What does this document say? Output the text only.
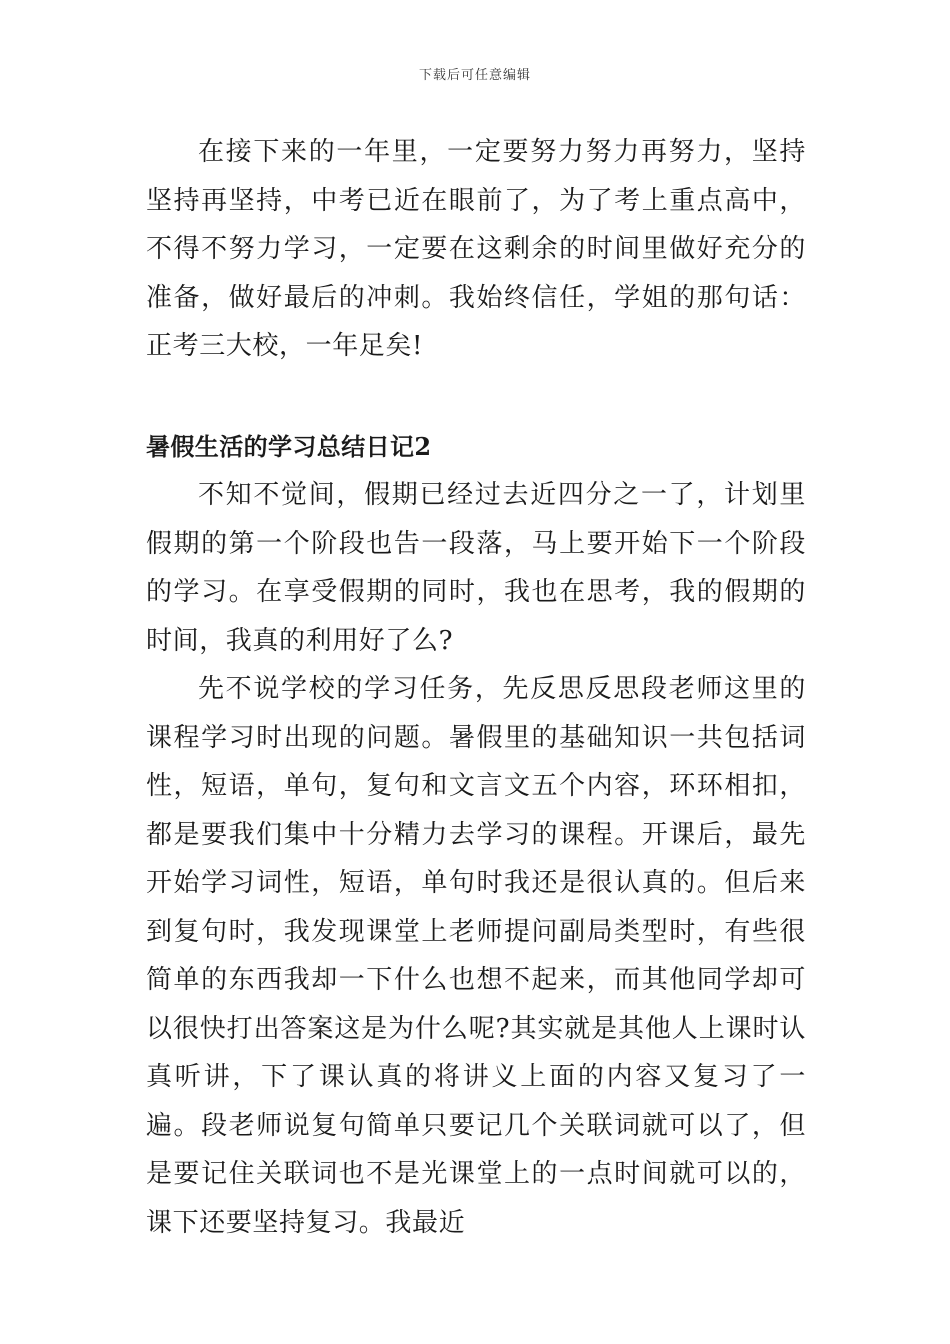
下载后可任意编辑

在接下来的一年里，一定要努力努力再努力，坚持坚持再坚持，中考已近在眼前了，为了考上重点高中，不得不努力学习，一定要在这剩余的时间里做好充分的准备，做好最后的冲刺。我始终信任，学姐的那句话：正考三大校，一年足矣!

暑假生活的学习总结日记2

不知不觉间，假期已经过去近四分之一了，计划里假期的第一个阶段也告一段落，马上要开始下一个阶段的学习。在享受假期的同时，我也在思考，我的假期的时间，我真的利用好了么?

先不说学校的学习任务，先反思反思段老师这里的课程学习时出现的问题。暑假里的基础知识一共包括词性，短语，单句，复句和文言文五个内容，环环相扣，都是要我们集中十分精力去学习的课程。开课后，最先开始学习词性，短语，单句时我还是很认真的。但后来到复句时，我发现课堂上老师提问副局类型时，有些很简单的东西我却一下什么也想不起来，而其他同学却可以很快打出答案这是为什么呢?其实就是其他人上课时认真听讲，下了课认真的将讲义上面的内容又复习了一遍。段老师说复句简单只要记几个关联词就可以了，但是要记住关联词也不是光课堂上的一点时间就可以的，课下还要坚持复习。我最近
